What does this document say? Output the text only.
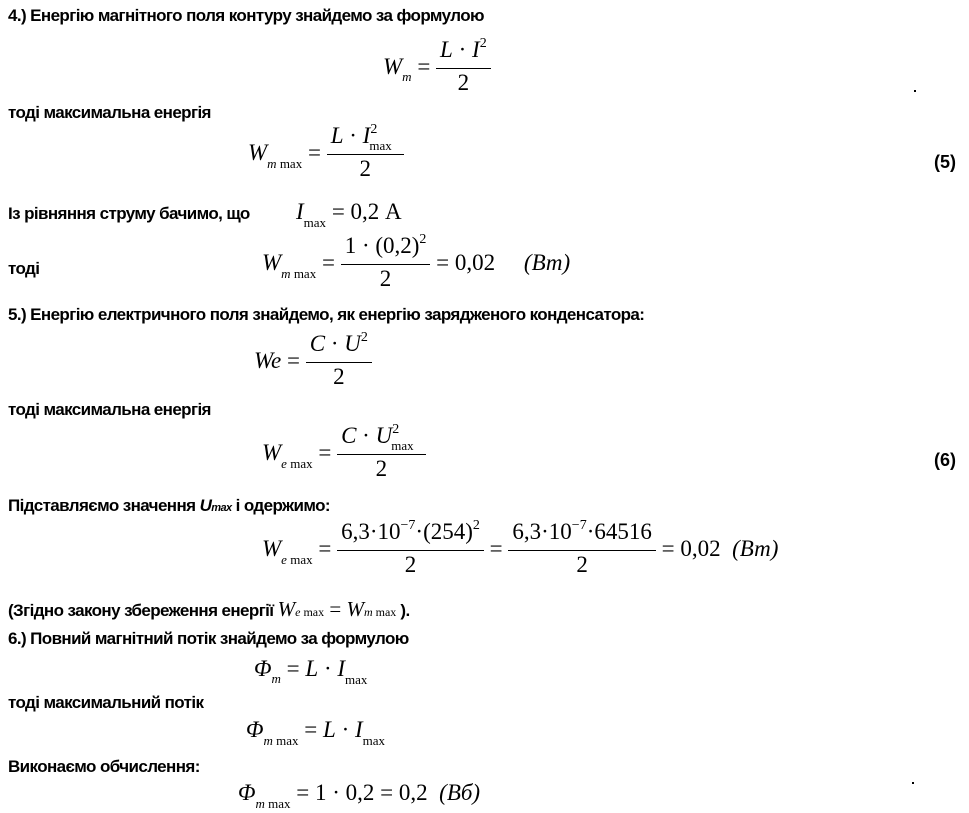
4.) Енергію магнітного поля контуру знайдемо за формулою
$W_m = \frac{L \cdot I^2}{2}$
тоді максимальна енергія
$W_{m max} = \frac{L \cdot I^2_{max}}{2}$	(5)
Із рівняння струму бачимо, що $I_{max} = 0,2$ А
тоді	$W_{m max} = \frac{1 \cdot (0,2)^2}{2} = 0,02$ (Вт)
5.) Енергію електричного поля знайдемо, як енергію зарядженого конденсатора:
$We = \frac{C \cdot U^2}{2}$
тоді максимальна енергія
$W_{e max} = \frac{C \cdot U^2_{max}}{2}$	(6)
Підставляємо значення Umax і одержимо:
$W_{e max} = \frac{6,3\cdot 10^{-7}\cdot(254)^2}{2} = \frac{6,3\cdot 10^{-7}\cdot 64516}{2} = 0,02$ (Вт)
(Згідно закону збереження енергії We max = Wm max ).
6.) Повний магнітний потік знайдемо за формулою
$\Phi_m = L \cdot I_{max}$
тоді максимальний потік
$\Phi_{m max} = L \cdot I_{max}$
Виконаємо обчислення:
$\Phi_{m max} = 1 \cdot 0,2 = 0,2$ (Вб)
